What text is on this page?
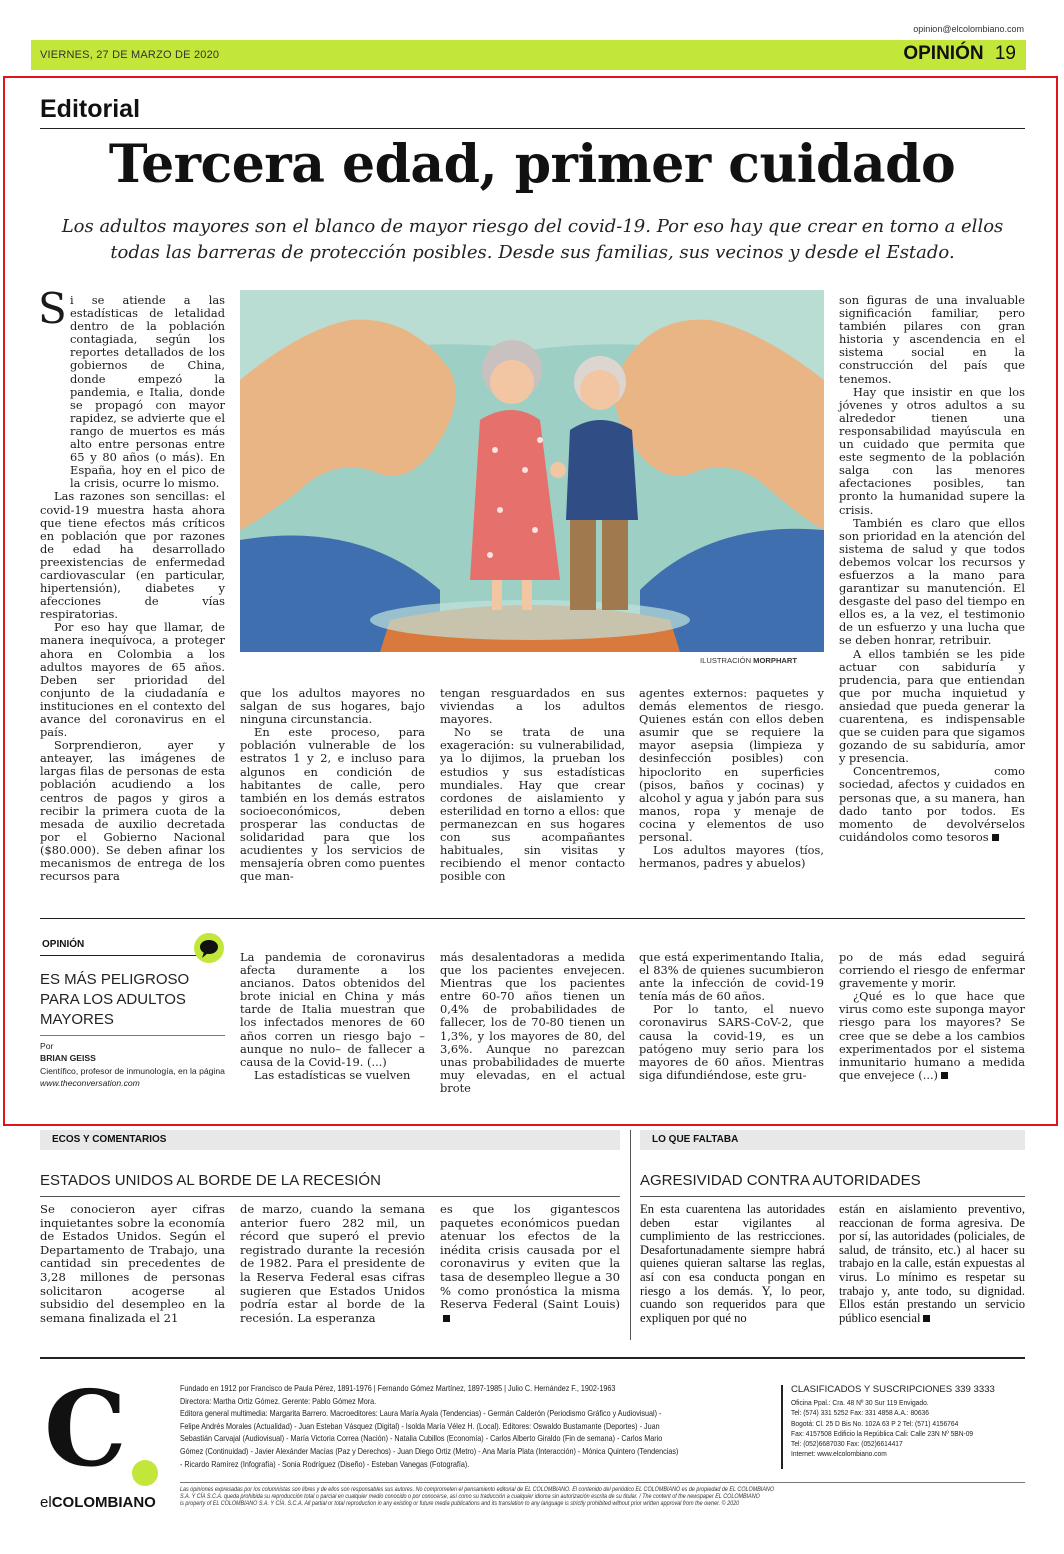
opinion@elcolombiano.com
VIERNES, 27 DE MARZO DE 2020	OPINIÓN 19
Editorial
Tercera edad, primer cuidado
Los adultos mayores son el blanco de mayor riesgo del covid-19. Por eso hay que crear en torno a ellos todas las barreras de protección posibles. Desde sus familias, sus vecinos y desde el Estado.
ILUSTRACIÓN MORPHART
S i se atiende a las estadísticas de letalidad dentro de la población contagiada, según los reportes detallados de los gobiernos de China, donde empezó la pandemia, e Italia, donde se propagó con mayor rapidez, se advierte que el rango de muertos es más alto entre personas entre 65 y 80 años (o más). En España, hoy en el pico de la crisis, ocurre lo mismo.

Las razones son sencillas: el covid-19 muestra hasta ahora que tiene efectos más críticos en población que por razones de edad ha desarrollado preexistencias de enfermedad cardiovascular (en particular, hipertensión), diabetes y afecciones de vías respiratorias.

Por eso hay que llamar, de manera inequívoca, a proteger ahora en Colombia a los adultos mayores de 65 años. Deben ser prioridad del conjunto de la ciudadanía e instituciones en el contexto del avance del coronavirus en el país.

Sorprendieron, ayer y anteayer, las imágenes de largas filas de personas de esta población acudiendo a los centros de pagos y giros a recibir la primera cuota de la mesada de auxilio decretada por el Gobierno Nacional ($80.000). Se deben afinar los mecanismos de entrega de los recursos para

que los adultos mayores no salgan de sus hogares, bajo ninguna circunstancia.

En este proceso, para población vulnerable de los estratos 1 y 2, e incluso para algunos en condición de habitantes de calle, pero también en los demás estratos socioeconómicos, deben prosperar las conductas de solidaridad para que los acudientes y los servicios de mensajería obren como puentes que man-

tengan resguardados en sus viviendas a los adultos mayores.

No se trata de una exageración: su vulnerabilidad, ya lo dijimos, la prueban los estudios y sus estadísticas mundiales. Hay que crear cordones de aislamiento y esterilidad en torno a ellos: que permanezcan en sus hogares con sus acompañantes habituales, sin visitas y recibiendo el menor contacto posible con

agentes externos: paquetes y demás elementos de riesgo. Quienes están con ellos deben asumir que se requiere la mayor asepsia (limpieza y desinfección posibles) con hipoclorito en superficies (pisos, baños y cocinas) y alcohol y agua y jabón para sus manos, ropa y menaje de cocina y elementos de uso personal.

Los adultos mayores (tíos, hermanos, padres y abuelos)

son figuras de una invaluable significación familiar, pero también pilares con gran historia y ascendencia en el sistema social en la construcción del país que tenemos.

Hay que insistir en que los jóvenes y otros adultos a su alrededor tienen una responsabilidad mayúscula en un cuidado que permita que este segmento de la población salga con las menores afectaciones posibles, tan pronto la humanidad supere la crisis.

También es claro que ellos son prioridad en la atención del sistema de salud y que todos debemos volcar los recursos y esfuerzos a la mano para garantizar su manutención. El desgaste del paso del tiempo en ellos es, a la vez, el testimonio de un esfuerzo y una lucha que se deben honrar, retribuir.

A ellos también se les pide actuar con sabiduría y prudencia, para que entiendan que por mucha inquietud y ansiedad que pueda generar la cuarentena, es indispensable que se cuiden para que sigamos gozando de su sabiduría, amor y presencia.

Concentremos, como sociedad, afectos y cuidados en personas que, a su manera, han dado tanto por todos. Es momento de devolvérselos cuidándolos como tesoros

OPINIÓN
ES MÁS PELIGROSO PARA LOS ADULTOS MAYORES
Por
BRIAN GEISS
Científico, profesor de inmunología, en la página www.theconversation.com

La pandemia de coronavirus afecta duramente a los ancianos. Datos obtenidos del brote inicial en China y más tarde de Italia muestran que los infectados menores de 60 años corren un riesgo bajo –aunque no nulo– de fallecer a causa de la Covid-19. (...)

Las estadísticas se vuelven

más desalentadoras a medida que los pacientes envejecen. Mientras que los pacientes entre 60-70 años tienen un 0,4% de probabilidades de fallecer, los de 70-80 tienen un 1,3%, y los mayores de 80, del 3,6%. Aunque no parezcan unas probabilidades de muerte muy elevadas, en el actual brote

que está experimentando Italia, el 83% de quienes sucumbieron ante la infección de covid-19 tenía más de 60 años.

Por lo tanto, el nuevo coronavirus SARS-CoV-2, que causa la covid-19, es un patógeno muy serio para los mayores de 60 años. Mientras siga difundiéndose, este gru-

po de más edad seguirá corriendo el riesgo de enfermar gravemente y morir.

¿Qué es lo que hace que virus como este suponga mayor riesgo para los mayores? Se cree que se debe a los cambios experimentados por el sistema inmunitario humano a medida que envejece (...)

ECOS Y COMENTARIOS
ESTADOS UNIDOS AL BORDE DE LA RECESIÓN
Se conocieron ayer cifras inquietantes sobre la economía de Estados Unidos. Según el Departamento de Trabajo, una cantidad sin precedentes de 3,28 millones de personas solicitaron acogerse al subsidio del desempleo en la semana finalizada el 21
de marzo, cuando la semana anterior fuero 282 mil, un récord que superó el previo registrado durante la recesión de 1982. Para el presidente de la Reserva Federal esas cifras sugieren que Estados Unidos podría estar al borde de la recesión. La esperanza
es que los gigantescos paquetes económicos puedan atenuar los efectos de la inédita crisis causada por el coronavirus y eviten que la tasa de desempleo llegue a 30 % como pronóstica la misma Reserva Federal (Saint Louis)
LO QUE FALTABA
AGRESIVIDAD CONTRA AUTORIDADES
En esta cuarentena las autoridades deben estar vigilantes al cumplimiento de las restricciones. Desafortunadamente siempre habrá quienes quieran saltarse las reglas, así con esa conducta pongan en riesgo a los demás. Y, lo peor, cuando son requeridos para que expliquen por qué no
están en aislamiento preventivo, reaccionan de forma agresiva. De por sí, las autoridades (policiales, de salud, de tránsito, etc.) al hacer su trabajo en la calle, están expuestas al virus. Lo mínimo es respetar su trabajo y, ante todo, su dignidad. Ellos están prestando un servicio público esencial
C
elCOLOMBIANO
Fundado en 1912 por Francisco de Paula Pérez, 1891-1976 | Fernando Gómez Martínez, 1897-1985 | Julio C. Hernández F., 1902-1963
Directora: Martha Ortiz Gómez. Gerente: Pablo Gómez Mora.
Editora general multimedia: Margarita Barrero. Macroeditores: Laura María Ayala (Tendencias) - Germán Calderón (Periodismo Gráfico y Audiovisual) -
Felipe Andrés Morales (Actualidad) - Juan Esteban Vásquez (Digital) - Isolda María Vélez H. (Local). Editores: Oswaldo Bustamante (Deportes) - Juan
Sebastián Carvajal (Audiovisual) - María Victoria Correa (Nación) - Natalia Cubillos (Economía) - Carlos Alberto Giraldo (Fin de semana) - Carlos Mario
Gómez (Continuidad) - Javier Alexánder Macías (Paz y Derechos) - Juan Diego Ortiz (Metro) - Ana María Plata (Interacción) - Mónica Quintero (Tendencias)
- Ricardo Ramírez (Infografía) - Sonia Rodríguez (Diseño) - Esteban Vanegas (Fotografía).
CLASIFICADOS Y SUSCRIPCIONES 339 3333
Oficina Ppal.: Cra. 48 Nº 30 Sur 119 Envigado.
Tel: (574) 331 5252 Fax: 331 4858 A.A.: 80636
Bogotá: Cl. 25 D Bis No. 102A 63 P 2 Tel: (571) 4156764
Fax: 4157508 Edificio la República Cali: Calle 23N Nº 5BN-09
Tel: (052)6687030 Fax: (052)6614417
Internet: www.elcolombiano.com
Las opiniones expresadas por los columnistas son libres y de ellos son responsables sus autores. No comprometen el pensamiento editorial de EL COLOMBIANO. El contenido del periódico EL COLOMBIANO es de propiedad de EL COLOMBIANO
S.A. Y CÍA S.C.A. queda prohibida su reproducción total o parcial en cualquier medio conocido o por conocerse, así como su traducción a cualquier idioma sin autorización escrita de su titular. / The content of the newspaper EL COLOMBIANO
is property of EL COLOMBIANO S.A. Y CÍA. S.C.A. All partial or total reproduction in any existing or future media publications and its translation to any language is strictly prohibited without prior written approval from the owner. © 2020
